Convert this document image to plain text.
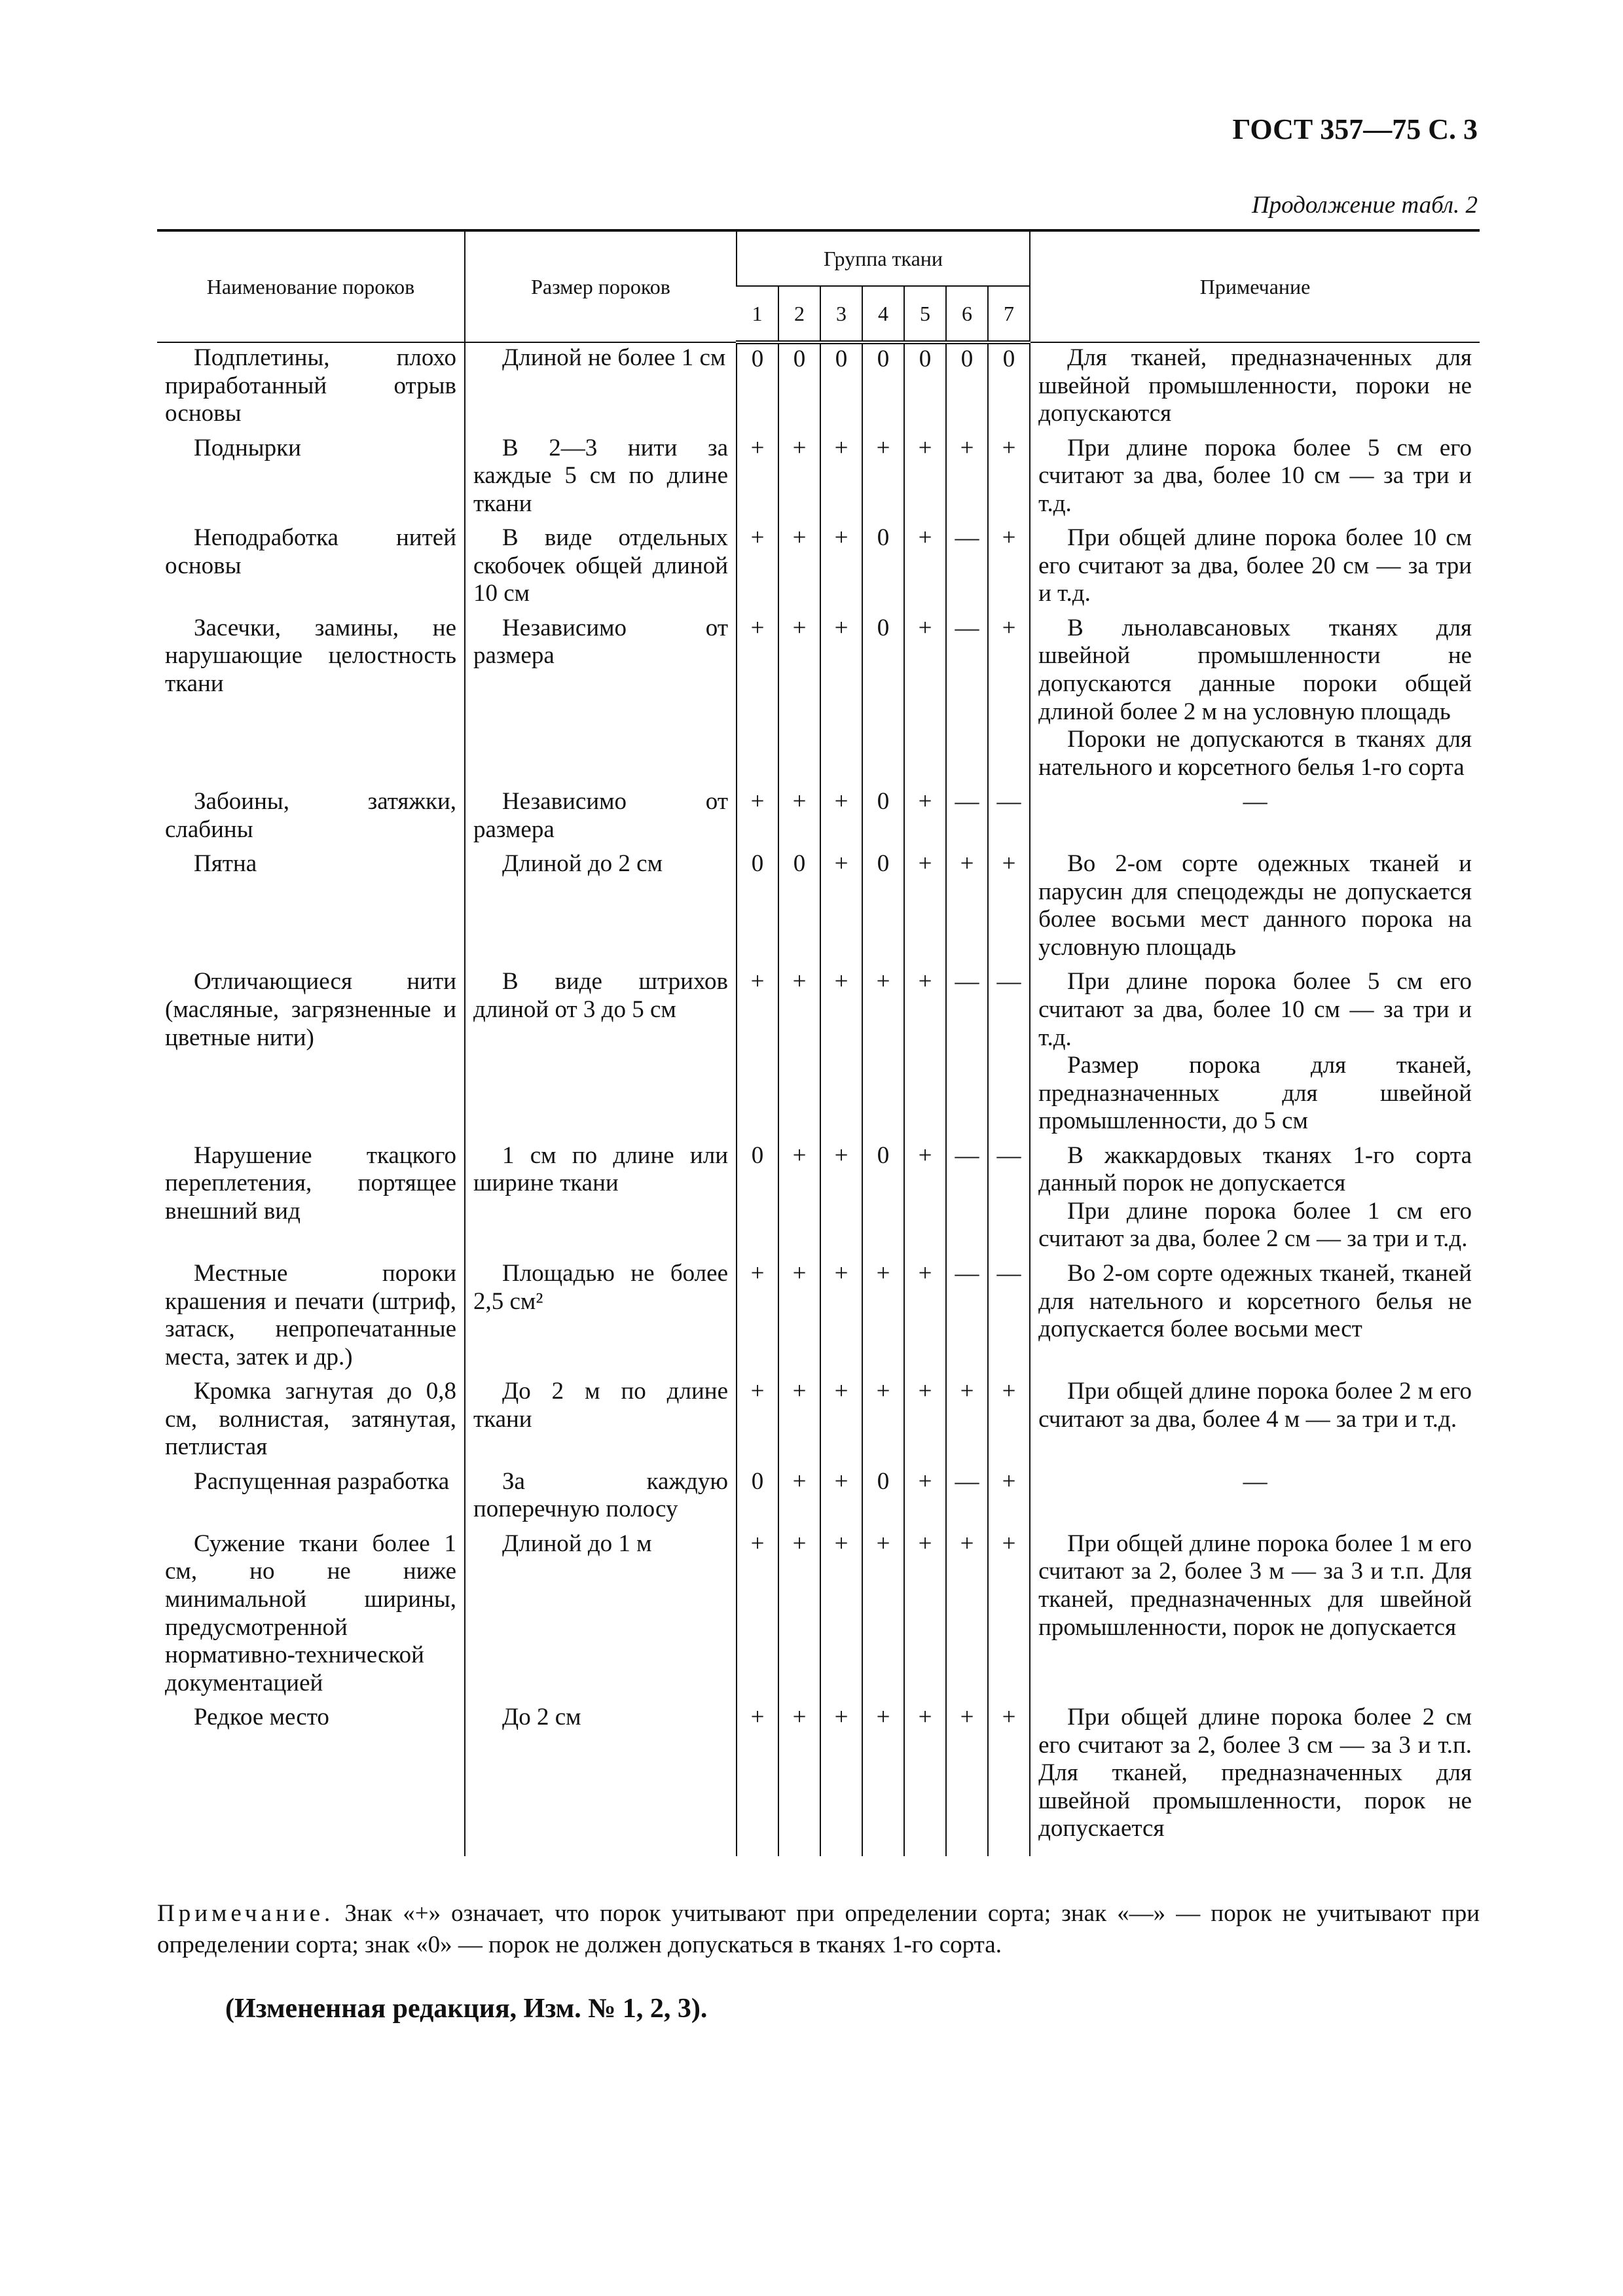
ГОСТ 357—75 С. 3
Продолжение табл. 2
Наименование пороков	Размер пороков	Группа ткани							Примечание
		1	2	3	4	5	6	7	

Подплетины, плохо приработанный отрыв основы	Длиной не более 1 см	0	0	0	0	0	0	0	Для тканей, предназначенных для швейной промышленности, пороки не допускаются

Поднырки	В 2—3 нити за каждые 5 см по длине ткани	+	+	+	+	+	+	+	При длине порока более 5 см его считают за два, более 10 см — за три и т.д.

Неподработка нитей основы	В виде отдельных скобочек общей длиной 10 см	+	+	+	0	+	—	+	При общей длине порока более 10 см его считают за два, более 20 см — за три и т.д.

Засечки, замины, не нарушающие целостность ткани	Независимо от размера	+	+	+	0	+	—	+	В льнолавсановых тканях для швейной промышленности не допускаются данные пороки общей длиной более 2 м на условную площадь
Пороки не допускаются в тканях для нательного и корсетного белья 1-го сорта

Забоины, затяжки, слабины	Независимо от размера	+	+	+	0	+	—	—	—

Пятна	Длиной до 2 см	0	0	+	0	+	+	+	Во 2-ом сорте одежных тканей и парусин для спецодежды не допускается более восьми мест данного порока на условную площадь

Отличающиеся нити (масляные, загрязненные и цветные нити)	В виде штрихов длиной от 3 до 5 см	+	+	+	+	+	—	—	При длине порока более 5 см его считают за два, более 10 см — за три и т.д.
Размер порока для тканей, предназначенных для швейной промышленности, до 5 см

Нарушение ткацкого переплетения, портящее внешний вид	1 см по длине или ширине ткани	0	+	+	0	+	—	—	В жаккардовых тканях 1-го сорта данный порок не допускается
При длине порока более 1 см его считают за два, более 2 см — за три и т.д.

Местные пороки крашения и печати (штриф, затаск, непропечатанные места, затек и др.)	Площадью не более 2,5 см²	+	+	+	+	+	—	—	Во 2-ом сорте одежных тканей, тканей для нательного и корсетного белья не допускается более восьми мест

Кромка загнутая до 0,8 см, волнистая, затянутая, петлистая	До 2 м по длине ткани	+	+	+	+	+	+	+	При общей длине порока более 2 м его считают за два, более 4 м — за три и т.д.

Распущенная разработка	За каждую поперечную полосу	0	+	+	0	+	—	+	—

Сужение ткани более 1 см, но не ниже минимальной ширины, предусмотренной нормативно-технической документацией	Длиной до 1 м	+	+	+	+	+	+	+	При общей длине порока более 1 м его считают за 2, более 3 м — за 3 и т.п. Для тканей, предназначенных для швейной промышленности, порок не допускается

Редкое место	До 2 см	+	+	+	+	+	+	+	При общей длине порока более 2 см его считают за 2, более 3 см — за 3 и т.п. Для тканей, предназначенных для швейной промышленности, порок не допускается
Примечание. Знак «+» означает, что порок учитывают при определении сорта; знак «—» — порок не учитывают при определении сорта; знак «0» — порок не должен допускаться в тканях 1-го сорта.
(Измененная редакция, Изм. № 1, 2, 3).
